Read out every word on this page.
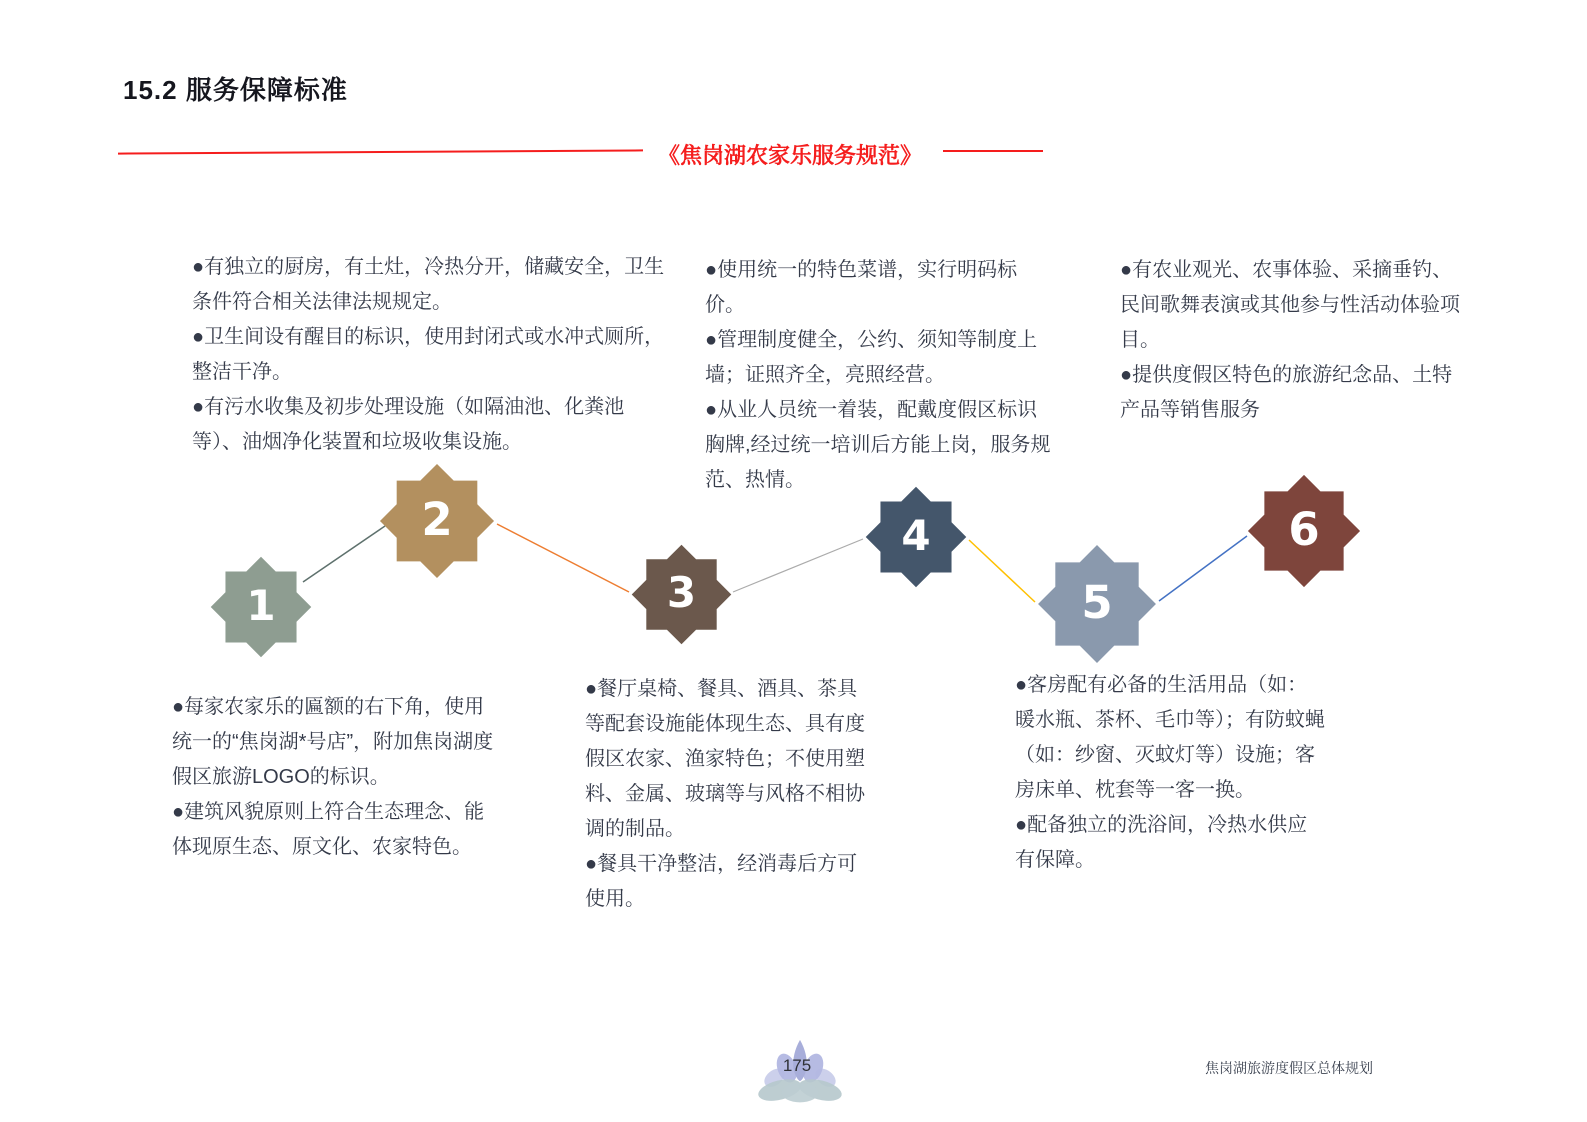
15.2 服务保障标准
《焦岗湖农家乐服务规范》

●有独立的厨房，有土灶，冷热分开，储藏安全，卫生条件符合相关法律法规规定。

●卫生间设有醒目的标识，使用封闭式或水冲式厕所，整洁干净。

●有污水收集及初步处理设施（如隔油池、化粪池等）、油烟净化装置和垃圾收集设施。

●使用统一的特色菜谱，实行明码标价。

●管理制度健全，公约、须知等制度上墙；证照齐全，亮照经营。

●从业人员统一着装，配戴度假区标识胸牌,经过统一培训后方能上岗，服务规范、热情。

●有农业观光、农事体验、采摘垂钓、民间歌舞表演或其他参与性活动体验项目。

●提供度假区特色的旅游纪念品、土特产品等销售服务

1
2
3
4
5
6

●每家农家乐的匾额的右下角，使用统一的“焦岗湖*号店”，附加焦岗湖度假区旅游LOGO的标识。

●建筑风貌原则上符合生态理念、能体现原生态、原文化、农家特色。

●餐厅桌椅、餐具、酒具、茶具等配套设施能体现生态、具有度假区农家、渔家特色；不使用塑料、金属、玻璃等与风格不相协调的制品。

●餐具干净整洁，经消毒后方可使用。

●客房配有必备的生活用品（如：暖水瓶、茶杯、毛巾等）；有防蚊蝇（如：纱窗、灭蚊灯等）设施；客房床单、枕套等一客一换。

●配备独立的洗浴间，冷热水供应有保障。

175	焦岗湖旅游度假区总体规划
